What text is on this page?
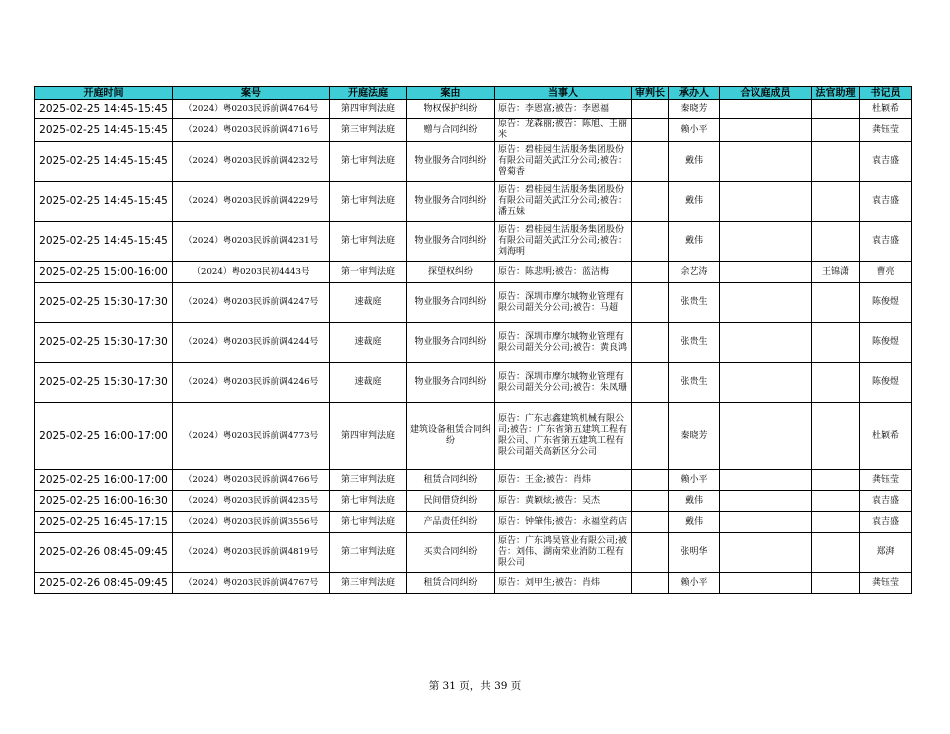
开庭时间	案号	开庭法庭	案由	当事人	审判长	承办人	合议庭成员	法官助理	书记员
2025-02-25 14:45-15:45	（2024）粤0203民诉前调4764号	第四审判法庭	物权保护纠纷	原告：李恩富;被告：李恩福		秦晓芳			杜颖希
2025-02-25 14:45-15:45	（2024）粤0203民诉前调4716号	第三审判法庭	赠与合同纠纷	原告：龙森丽;被告：陈旭、王丽米		赖小平			龚钰莹
2025-02-25 14:45-15:45	（2024）粤0203民诉前调4232号	第七审判法庭	物业服务合同纠纷	原告：碧桂园生活服务集团股份有限公司韶关武江分公司;被告：曾菊香		戴伟			袁吉盛
2025-02-25 14:45-15:45	（2024）粤0203民诉前调4229号	第七审判法庭	物业服务合同纠纷	原告：碧桂园生活服务集团股份有限公司韶关武江分公司;被告：潘五妹		戴伟			袁吉盛
2025-02-25 14:45-15:45	（2024）粤0203民诉前调4231号	第七审判法庭	物业服务合同纠纷	原告：碧桂园生活服务集团股份有限公司韶关武江分公司;被告：刘海明		戴伟			袁吉盛
2025-02-25 15:00-16:00	（2024）粤0203民初4443号	第一审判法庭	探望权纠纷	原告：陈悲明;被告：蓝洁梅		余艺涛		王锦潇	曹亮
2025-02-25 15:30-17:30	（2024）粤0203民诉前调4247号	速裁庭	物业服务合同纠纷	原告：深圳市摩尔城物业管理有限公司韶关分公司;被告：马超		张贵生			陈俊煜
2025-02-25 15:30-17:30	（2024）粤0203民诉前调4244号	速裁庭	物业服务合同纠纷	原告：深圳市摩尔城物业管理有限公司韶关分公司;被告：黄良鸿		张贵生			陈俊煜
2025-02-25 15:30-17:30	（2024）粤0203民诉前调4246号	速裁庭	物业服务合同纠纷	原告：深圳市摩尔城物业管理有限公司韶关分公司;被告：朱凤珊		张贵生			陈俊煜
2025-02-25 16:00-17:00	（2024）粤0203民诉前调4773号	第四审判法庭	建筑设备租赁合同纠纷	原告：广东志鑫建筑机械有限公司;被告：广东省第五建筑工程有限公司、广东省第五建筑工程有限公司韶关高新区分公司		秦晓芳			杜颖希
2025-02-25 16:00-17:00	（2024）粤0203民诉前调4766号	第三审判法庭	租赁合同纠纷	原告：王金;被告：肖炜		赖小平			龚钰莹
2025-02-25 16:00-16:30	（2024）粤0203民诉前调4235号	第七审判法庭	民间借贷纠纷	原告：黄颖炫;被告：吴杰		戴伟			袁吉盛
2025-02-25 16:45-17:15	（2024）粤0203民诉前调3556号	第七审判法庭	产品责任纠纷	原告：钟肇伟;被告：永福堂药店		戴伟			袁吉盛
2025-02-26 08:45-09:45	（2024）粤0203民诉前调4819号	第二审判法庭	买卖合同纠纷	原告：广东鸿昊管业有限公司;被告：刘伟、湖南荣业消防工程有限公司		张明华			郑湃
2025-02-26 08:45-09:45	（2024）粤0203民诉前调4767号	第三审判法庭	租赁合同纠纷	原告：刘甲生;被告：肖炜		赖小平			龚钰莹
第 31 页，共 39 页
